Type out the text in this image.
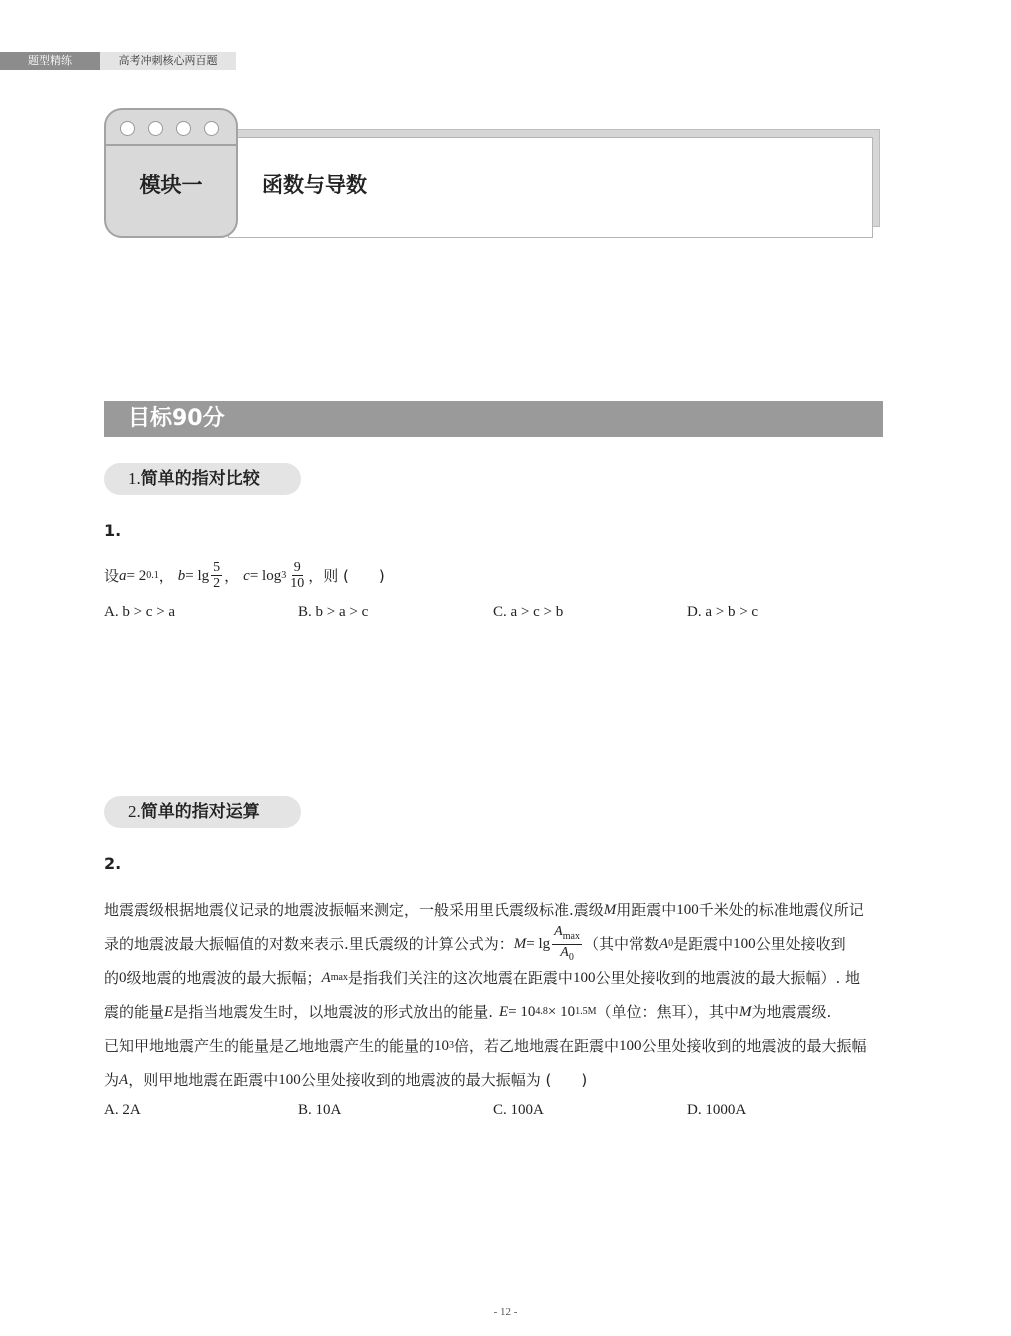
题型精练	高考冲刺核心两百题
函数与导数
模块一
目标90分
1.简单的指对比较
1.
设 a = 2 0.1 ， $b = \lg \frac{5}{2}$ ， $c = \log 3 \frac{9}{10}$ ，则 (　　)
A. b > c > a	B. b > a > c	C. a > c > b	D. a > b > c
2.简单的指对运算
2.
地震震级根据地震仪记录的地震波振幅来测定，一般采用里氏震级标准.震级 M 用距震中 100 千米处的标准地震仪所记
录的地震波最大振幅值的对数来表示.里氏震级的计算公式为： $M = \lg \frac{A_{max}}{A_0}$ （其中常数 A 0 是距震中 100 公里处接收到
的 0 级地震的地震波的最大振幅； A max 是指我们关注的这次地震在距震中 100 公里处接收到的地震波的最大振幅）. 地
震的能量 E 是指当地震发生时，以地震波的形式放出的能量. E = 10 4.8 × 10 1.5M （单位：焦耳），其中 M 为地震震级.
已知甲地地震产生的能量是乙地地震产生的能量的 10 3 倍，若乙地地震在距震中 100 公里处接收到的地震波的最大振幅
为 A ，则甲地地震在距震中 100 公里处接收到的地震波的最大振幅为 (　　)
A. 2A	B. 10A	C. 100A	D. 1000A
- 12 -
